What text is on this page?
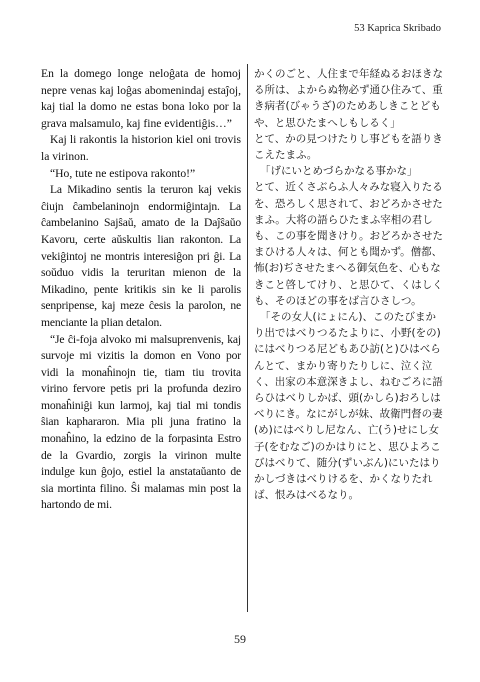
53 Kaprica Skribado

En la domego longe neloĝata de homoj nepre venas kaj loĝas abomenindaj estaĵoj, kaj tial la domo ne estas bona loko por la grava malsamulo, kaj fine evidentiĝis…”

Kaj li rakontis la historion kiel oni trovis la virinon.

“Ho, tute ne estipova rakonto!”

La Mikadino sentis la teruron kaj vekis ĉiujn ĉambelaninojn endormiĝintajn. La ĉambelanino Sajŝaŭ, amato de la Daĵŝaŭo Kavoru, certe aŭskultis lian rakonton. La vekiĝintoj ne montris interesiĝon pri ĝi. La soŭduo vidis la teruritan mienon de la Mikadino, pente kritikis sin ke li parolis senpripense, kaj meze ĉesis la parolon, ne menciante la plian detalon.

“Je ĉi-foja alvoko mi malsuprenvenis, kaj survoje mi vizitis la domon en Vono por vidi la monaĥinojn tie, tiam tiu trovita virino fervore petis pri la profunda deziro monaĥiniĝi kun larmoj, kaj tial mi tondis ŝian kaphararon. Mia pli juna fratino la monaĥino, la edzino de la forpasinta Estro de la Gvardio, zorgis la virinon multe indulge kun ĝojo, estiel la anstataŭanto de sia mortinta filino. Ŝi malamas min post la hartondo de mi.

かくのごと、人住まで年経ぬるおほきなる所は、よからぬ物必ず通ひ住みて、重き病者(びゃうざ)のためあしきことどもや、と思ひたまへしもしるく」

とて、かの見つけたりし事どもを語りきこえたまふ。

「げにいとめづらかなる事かな」

とて、近くさぶらふ人々みな寝入りたるを、恐ろしく思されて、おどろかさせたまふ。大将の語らひたまふ宰相の君しも、この事を聞きけり。おどろかさせたまひける人々は、何とも聞かず。僧都、怖(お)ぢさせたまへる御気色を、心もなきこと啓してけり、と思ひて、くはしくも、そのほどの事をば言ひさしつ。

「その女人(にょにん)、このたびまかり出ではべりつるたよりに、小野(をの)にはべりつる尼どもあひ訪(と)ひはべらんとて、まかり寄りたりしに、泣く泣く、出家の本意深きよし、ねむごろに語らひはべりしかば、頭(かしら)おろしはべりにき。なにがしが妹、故衛門督の妻(め)にはべりし尼なん、亡(う)せにし女子(をむなご)のかはりにと、思ひよろこびはべりて、随分(ずいぶん)にいたはりかしづきはべりけるを、かくなりたれば、恨みはべるなり。

59
